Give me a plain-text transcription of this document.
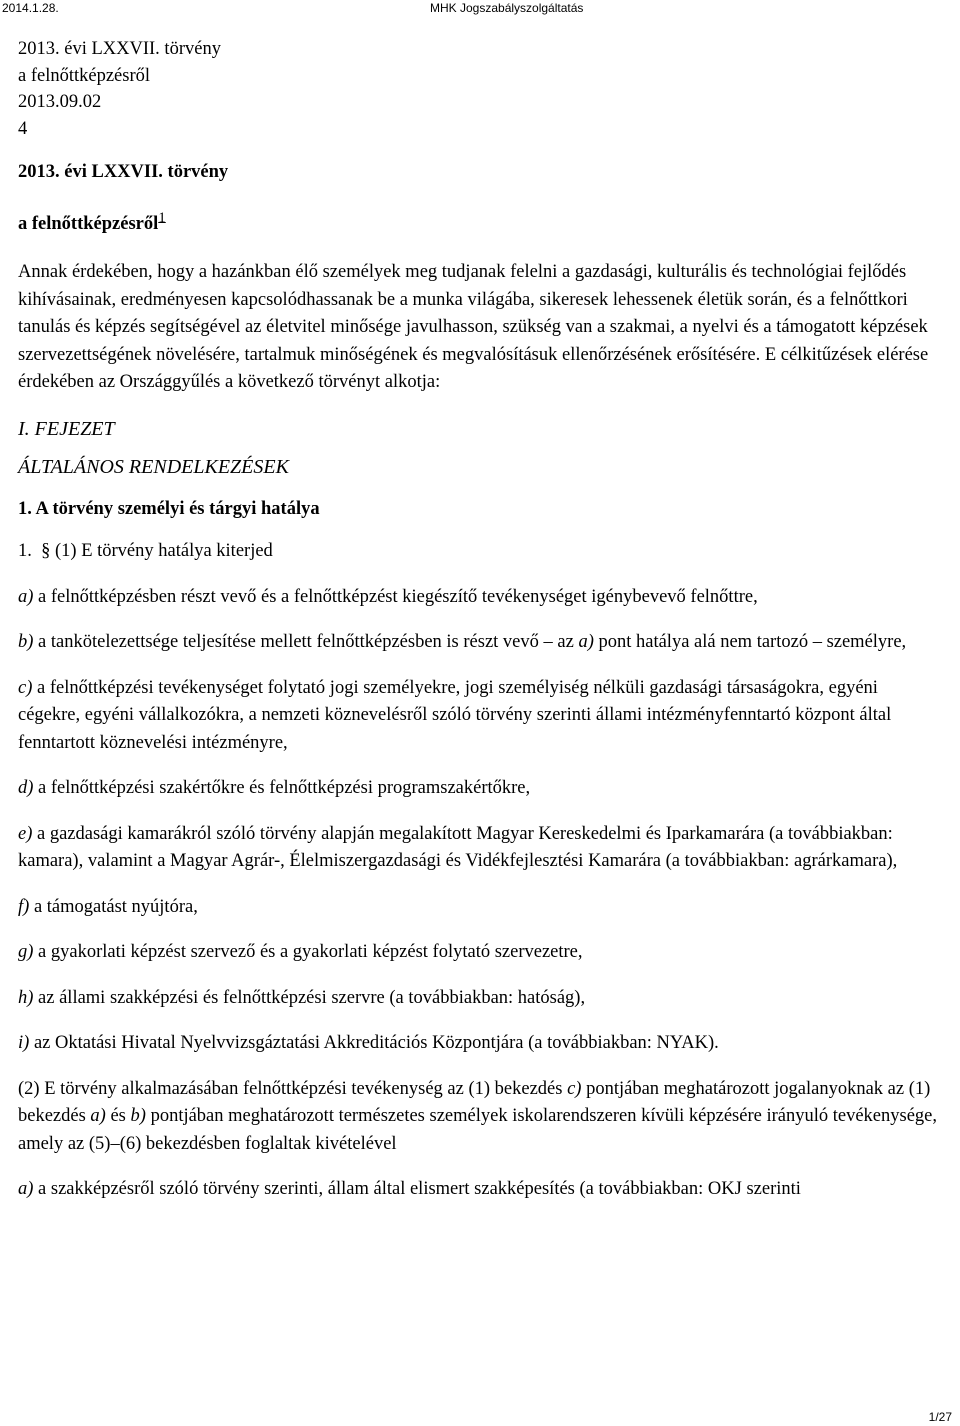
2014.1.28.	MHK Jogszabályszolgáltatás
2013. évi LXXVII. törvény
a felnőttképzésről
2013.09.02
4

2013. évi LXXVII. törvény

a felnőttképzésről$^1$

Annak érdekében, hogy a hazánkban élő személyek meg tudjanak felelni a gazdasági, kulturális és technológiai fejlődés kihívásainak, eredményesen kapcsolódhassanak be a munka világába, sikeresek lehessenek életük során, és a felnőttkori tanulás és képzés segítségével az életvitel minősége javulhasson, szükség van a szakmai, a nyelvi és a támogatott képzések szervezettségének növelésére, tartalmuk minőségének és megvalósításuk ellenőrzésének erősítésére. E célkitűzések elérése érdekében az Országgyűlés a következő törvényt alkotja:

I. FEJEZET

ÁLTALÁNOS RENDELKEZÉSEK

1. A törvény személyi és tárgyi hatálya

1. § (1) E törvény hatálya kiterjed

a) a felnőttképzésben részt vevő és a felnőttképzést kiegészítő tevékenységet igénybevevő felnőttre,

b) a tankötelezettsége teljesítése mellett felnőttképzésben is részt vevő – az a) pont hatálya alá nem tartozó – személyre,

c) a felnőttképzési tevékenységet folytató jogi személyekre, jogi személyiség nélküli gazdasági társaságokra, egyéni cégekre, egyéni vállalkozókra, a nemzeti köznevelésről szóló törvény szerinti állami intézményfenntartó központ által fenntartott köznevelési intézményre,

d) a felnőttképzési szakértőkre és felnőttképzési programszakértőkre,

e) a gazdasági kamarákról szóló törvény alapján megalakított Magyar Kereskedelmi és Iparkamarára (a továbbiakban: kamara), valamint a Magyar Agrár-, Élelmiszergazdasági és Vidékfejlesztési Kamarára (a továbbiakban: agrárkamara),

f) a támogatást nyújtóra,

g) a gyakorlati képzést szervező és a gyakorlati képzést folytató szervezetre,

h) az állami szakképzési és felnőttképzési szervre (a továbbiakban: hatóság),

i) az Oktatási Hivatal Nyelvvizsgáztatási Akkreditációs Központjára (a továbbiakban: NYAK).

(2) E törvény alkalmazásában felnőttképzési tevékenység az (1) bekezdés c) pontjában meghatározott jogalanyoknak az (1) bekezdés a) és b) pontjában meghatározott természetes személyek iskolarendszeren kívüli képzésére irányuló tevékenysége, amely az (5)–(6) bekezdésben foglaltak kivételével

a) a szakképzésről szóló törvény szerinti, állam által elismert szakképesítés (a továbbiakban: OKJ szerinti

1/27
